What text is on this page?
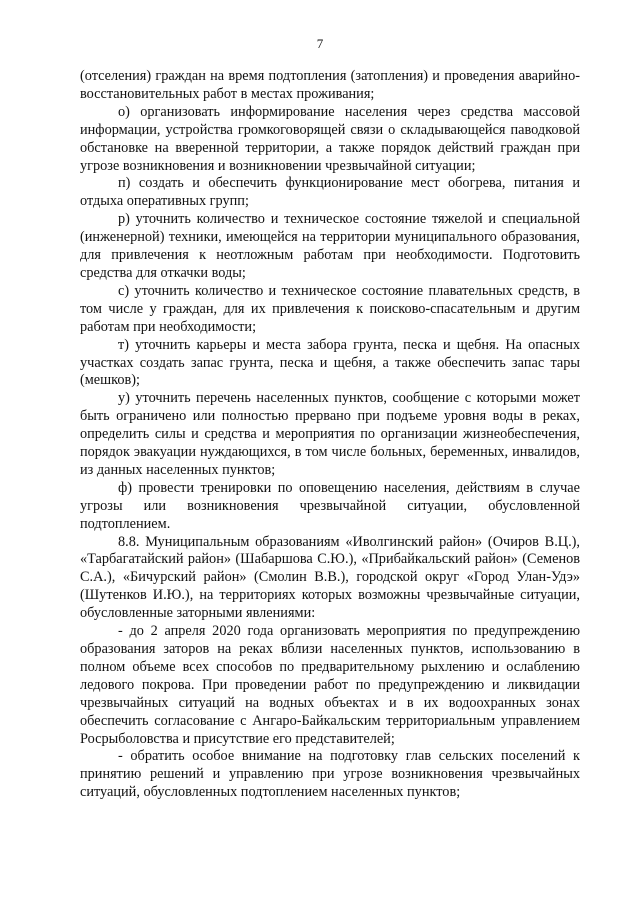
7

(отселения) граждан на время подтопления (затопления) и проведения аварийно-восстановительных работ в местах проживания;

о) организовать информирование населения через средства массовой информации, устройства громкоговорящей связи о складывающейся паводковой обстановке на вверенной территории, а также порядок действий граждан при угрозе возникновения и возникновении чрезвычайной ситуации;

п) создать и обеспечить функционирование мест обогрева, питания и отдыха оперативных групп;

р) уточнить количество и техническое состояние тяжелой и специальной (инженерной) техники, имеющейся на территории муниципального образования, для привлечения к неотложным работам при необходимости. Подготовить средства для откачки воды;

с) уточнить количество и техническое состояние плавательных средств, в том числе у граждан, для их привлечения к поисково-спасательным и другим работам при необходимости;

т) уточнить карьеры и места забора грунта, песка и щебня. На опасных участках создать запас грунта, песка и щебня, а также обеспечить запас тары (мешков);

у) уточнить перечень населенных пунктов, сообщение с которыми может быть ограничено или полностью прервано при подъеме уровня воды в реках, определить силы и средства и мероприятия по организации жизнеобеспечения, порядок эвакуации нуждающихся, в том числе больных, беременных, инвалидов, из данных населенных пунктов;

ф) провести тренировки по оповещению населения, действиям в случае угрозы или возникновения чрезвычайной ситуации, обусловленной подтоплением.

8.8. Муниципальным образованиям «Иволгинский район» (Очиров В.Ц.), «Тарбагатайский район» (Шабаршова С.Ю.), «Прибайкальский район» (Семенов С.А.), «Бичурский район» (Смолин В.В.), городской округ «Город Улан-Удэ» (Шутенков И.Ю.), на территориях которых возможны чрезвычайные ситуации, обусловленные заторными явлениями:

- до 2 апреля 2020 года организовать мероприятия по предупреждению образования заторов на реках вблизи населенных пунктов, использованию в полном объеме всех способов по предварительному рыхлению и ослаблению ледового покрова. При проведении работ по предупреждению и ликвидации чрезвычайных ситуаций на водных объектах и в их водоохранных зонах обеспечить согласование с Ангаро-Байкальским территориальным управлением Росрыболовства и присутствие его представителей;

- обратить особое внимание на подготовку глав сельских поселений к принятию решений и управлению при угрозе возникновения чрезвычайных ситуаций, обусловленных подтоплением населенных пунктов;
